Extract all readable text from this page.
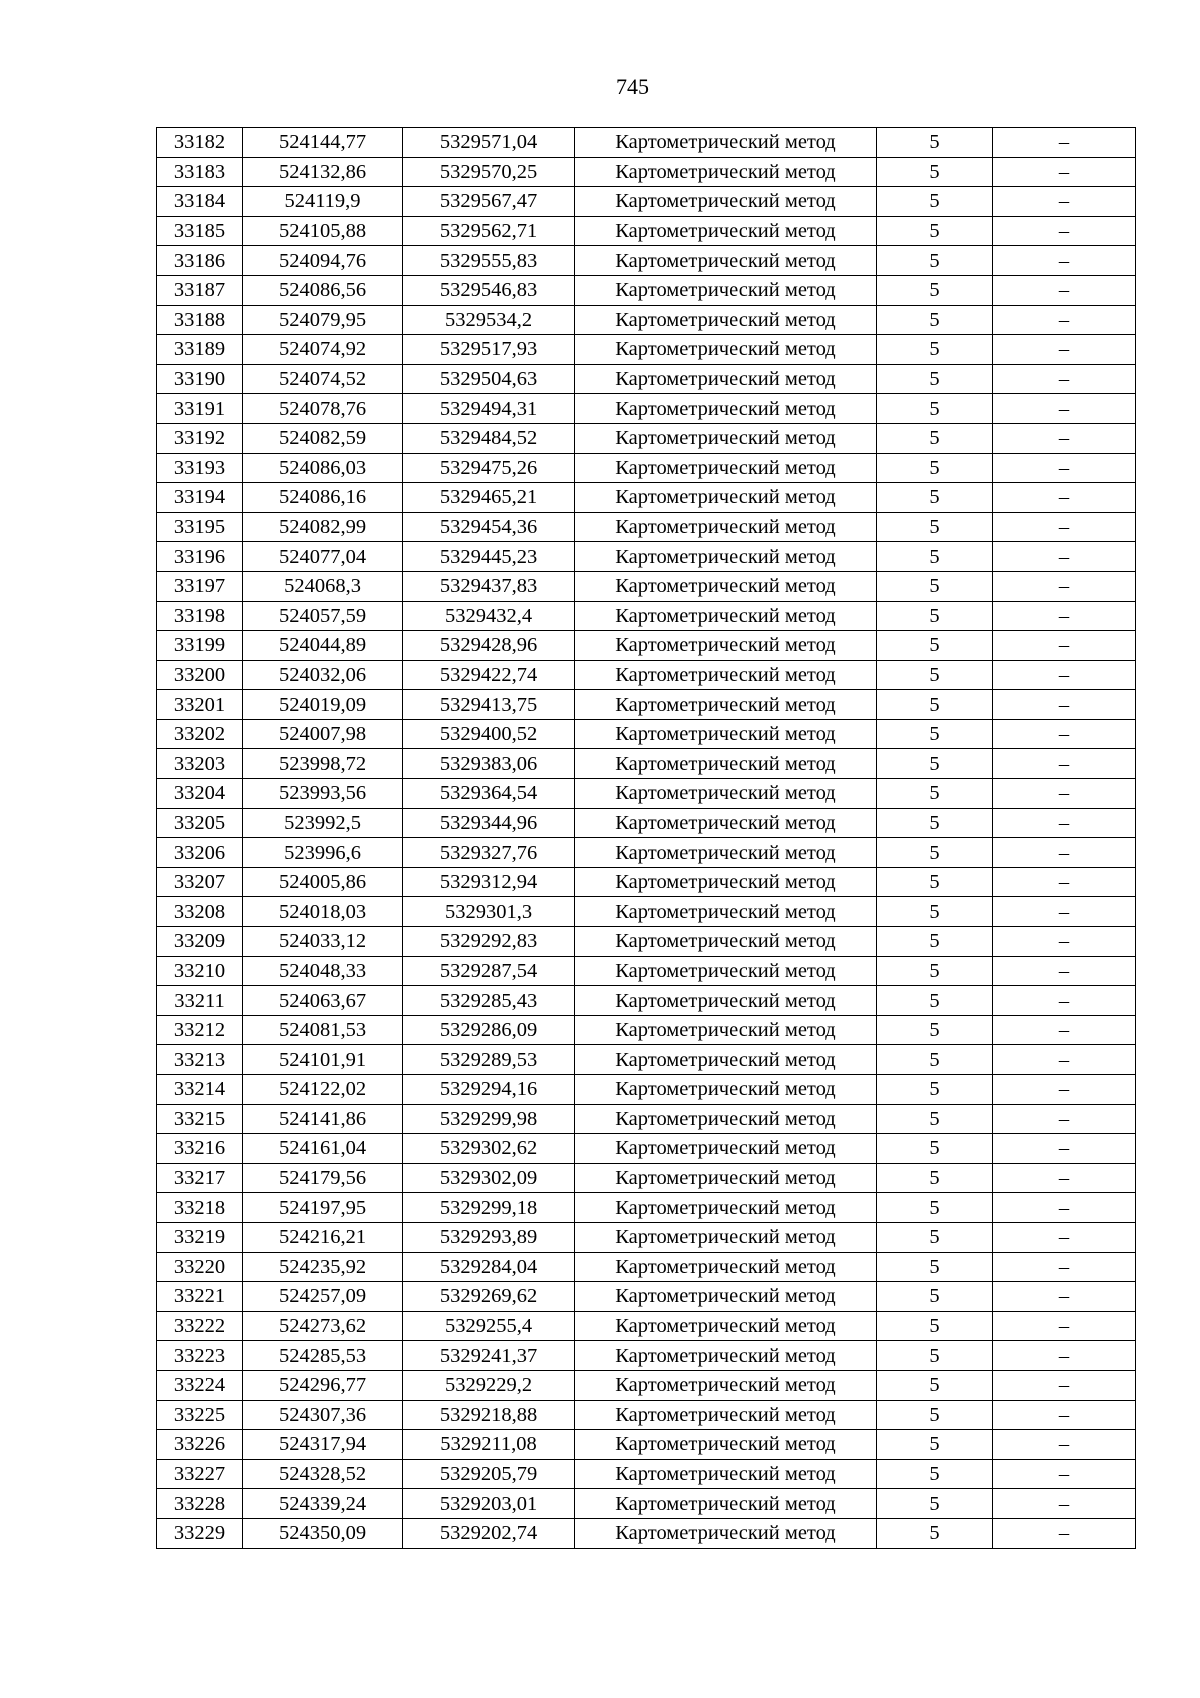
745
33182	524144,77	5329571,04	Картометрический метод	5	–
33183	524132,86	5329570,25	Картометрический метод	5	–
33184	524119,9	5329567,47	Картометрический метод	5	–
33185	524105,88	5329562,71	Картометрический метод	5	–
33186	524094,76	5329555,83	Картометрический метод	5	–
33187	524086,56	5329546,83	Картометрический метод	5	–
33188	524079,95	5329534,2	Картометрический метод	5	–
33189	524074,92	5329517,93	Картометрический метод	5	–
33190	524074,52	5329504,63	Картометрический метод	5	–
33191	524078,76	5329494,31	Картометрический метод	5	–
33192	524082,59	5329484,52	Картометрический метод	5	–
33193	524086,03	5329475,26	Картометрический метод	5	–
33194	524086,16	5329465,21	Картометрический метод	5	–
33195	524082,99	5329454,36	Картометрический метод	5	–
33196	524077,04	5329445,23	Картометрический метод	5	–
33197	524068,3	5329437,83	Картометрический метод	5	–
33198	524057,59	5329432,4	Картометрический метод	5	–
33199	524044,89	5329428,96	Картометрический метод	5	–
33200	524032,06	5329422,74	Картометрический метод	5	–
33201	524019,09	5329413,75	Картометрический метод	5	–
33202	524007,98	5329400,52	Картометрический метод	5	–
33203	523998,72	5329383,06	Картометрический метод	5	–
33204	523993,56	5329364,54	Картометрический метод	5	–
33205	523992,5	5329344,96	Картометрический метод	5	–
33206	523996,6	5329327,76	Картометрический метод	5	–
33207	524005,86	5329312,94	Картометрический метод	5	–
33208	524018,03	5329301,3	Картометрический метод	5	–
33209	524033,12	5329292,83	Картометрический метод	5	–
33210	524048,33	5329287,54	Картометрический метод	5	–
33211	524063,67	5329285,43	Картометрический метод	5	–
33212	524081,53	5329286,09	Картометрический метод	5	–
33213	524101,91	5329289,53	Картометрический метод	5	–
33214	524122,02	5329294,16	Картометрический метод	5	–
33215	524141,86	5329299,98	Картометрический метод	5	–
33216	524161,04	5329302,62	Картометрический метод	5	–
33217	524179,56	5329302,09	Картометрический метод	5	–
33218	524197,95	5329299,18	Картометрический метод	5	–
33219	524216,21	5329293,89	Картометрический метод	5	–
33220	524235,92	5329284,04	Картометрический метод	5	–
33221	524257,09	5329269,62	Картометрический метод	5	–
33222	524273,62	5329255,4	Картометрический метод	5	–
33223	524285,53	5329241,37	Картометрический метод	5	–
33224	524296,77	5329229,2	Картометрический метод	5	–
33225	524307,36	5329218,88	Картометрический метод	5	–
33226	524317,94	5329211,08	Картометрический метод	5	–
33227	524328,52	5329205,79	Картометрический метод	5	–
33228	524339,24	5329203,01	Картометрический метод	5	–
33229	524350,09	5329202,74	Картометрический метод	5	–
